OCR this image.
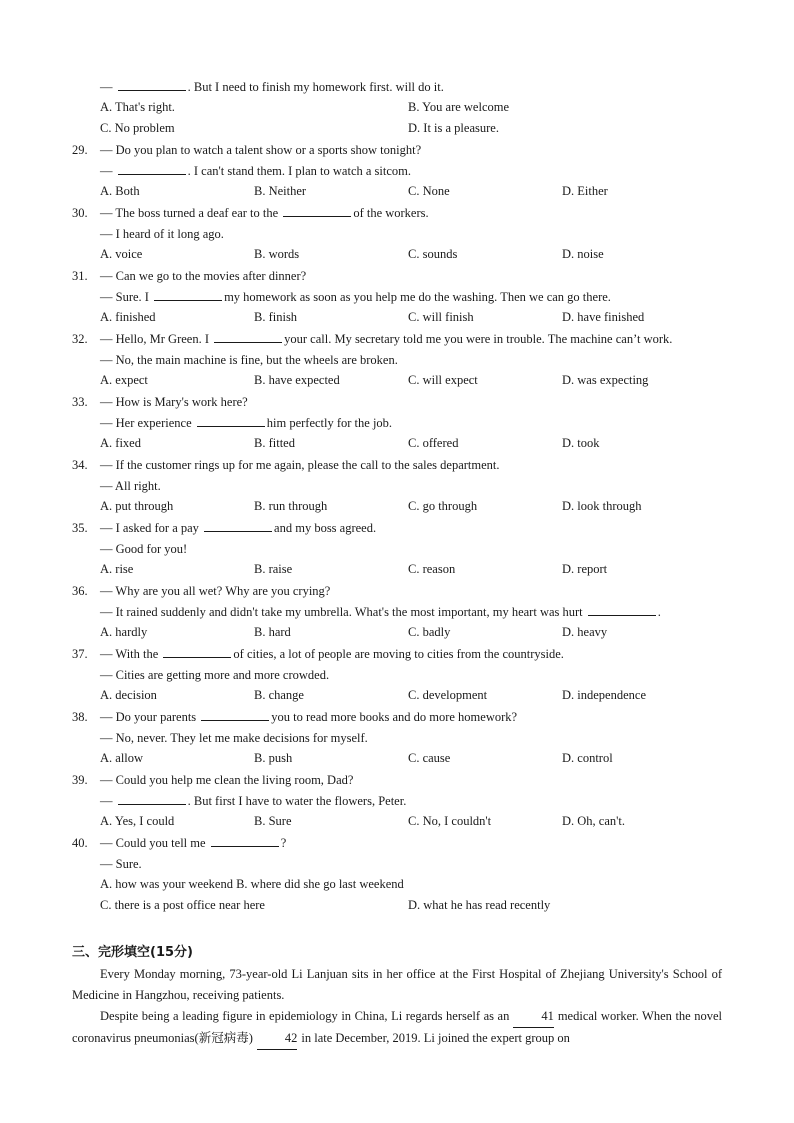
—	. But I need to finish my homework first. will do it.
A. That's right.	B. You are welcome
C. No problem	D. It is a pleasure.
29. — Do you plan to watch a talent show or a sports show tonight?
—	. I can't stand them. I plan to watch a sitcom.
A. Both	B. Neither	C. None	D. Either
30. — The boss turned a deaf ear to the	of the workers.
— I heard of it long ago.
A. voice	B. words	C. sounds	D. noise
31. — Can we go to the movies after dinner?
— Sure. I	my homework as soon as you help me do the washing. Then we can go there.
A. finished	B. finish	C. will finish	D. have finished
32. — Hello, Mr Green. I	your call. My secretary told me you were in trouble. The machine can’t work.
— No, the main machine is fine, but the wheels are broken.
A. expect	B. have expected	C. will expect	D. was expecting
33. — How is Mary's work here?
— Her experience	him perfectly for the job.
A. fixed	B. fitted	C. offered	D. took
34. — If the customer rings up for me again, please the call to the sales department.
— All right.
A. put through	B. run through	C. go through	D. look through
35. — I asked for a pay	and my boss agreed.
— Good for you!
A. rise	B. raise	C. reason	D. report
36. — Why are you all wet? Why are you crying?
— It rained suddenly and didn't take my umbrella. What's the most important, my heart was hurt	.
A. hardly	B. hard	C. badly	D. heavy
37. — With the	of cities, a lot of people are moving to cities from the countryside.
— Cities are getting more and more crowded.
A. decision	B. change	C. development	D. independence
38. — Do your parents	you to read more books and do more homework?
— No, never. They let me make decisions for myself.
A. allow	B. push	C. cause	D. control
39. — Could you help me clean the living room, Dad?
—	. But first I have to water the flowers, Peter.
A. Yes, I could	B. Sure	C. No, I couldn't	D. Oh, can't.
40. — Could you tell me	?
— Sure.
A. how was your weekend B. where did she go last weekend
C. there is a post office near here	D. what he has read recently
三、完形填空(15分)
Every Monday morning, 73-year-old Li Lanjuan sits in her office at the First Hospital of Zhejiang University's School of Medicine in Hangzhou, receiving patients.
Despite being a leading figure in epidemiology in China, Li regards herself as an	41 medical worker. When the novel coronavirus pneumonias(新冠病毒)	42 in late December, 2019. Li joined the expert group on
